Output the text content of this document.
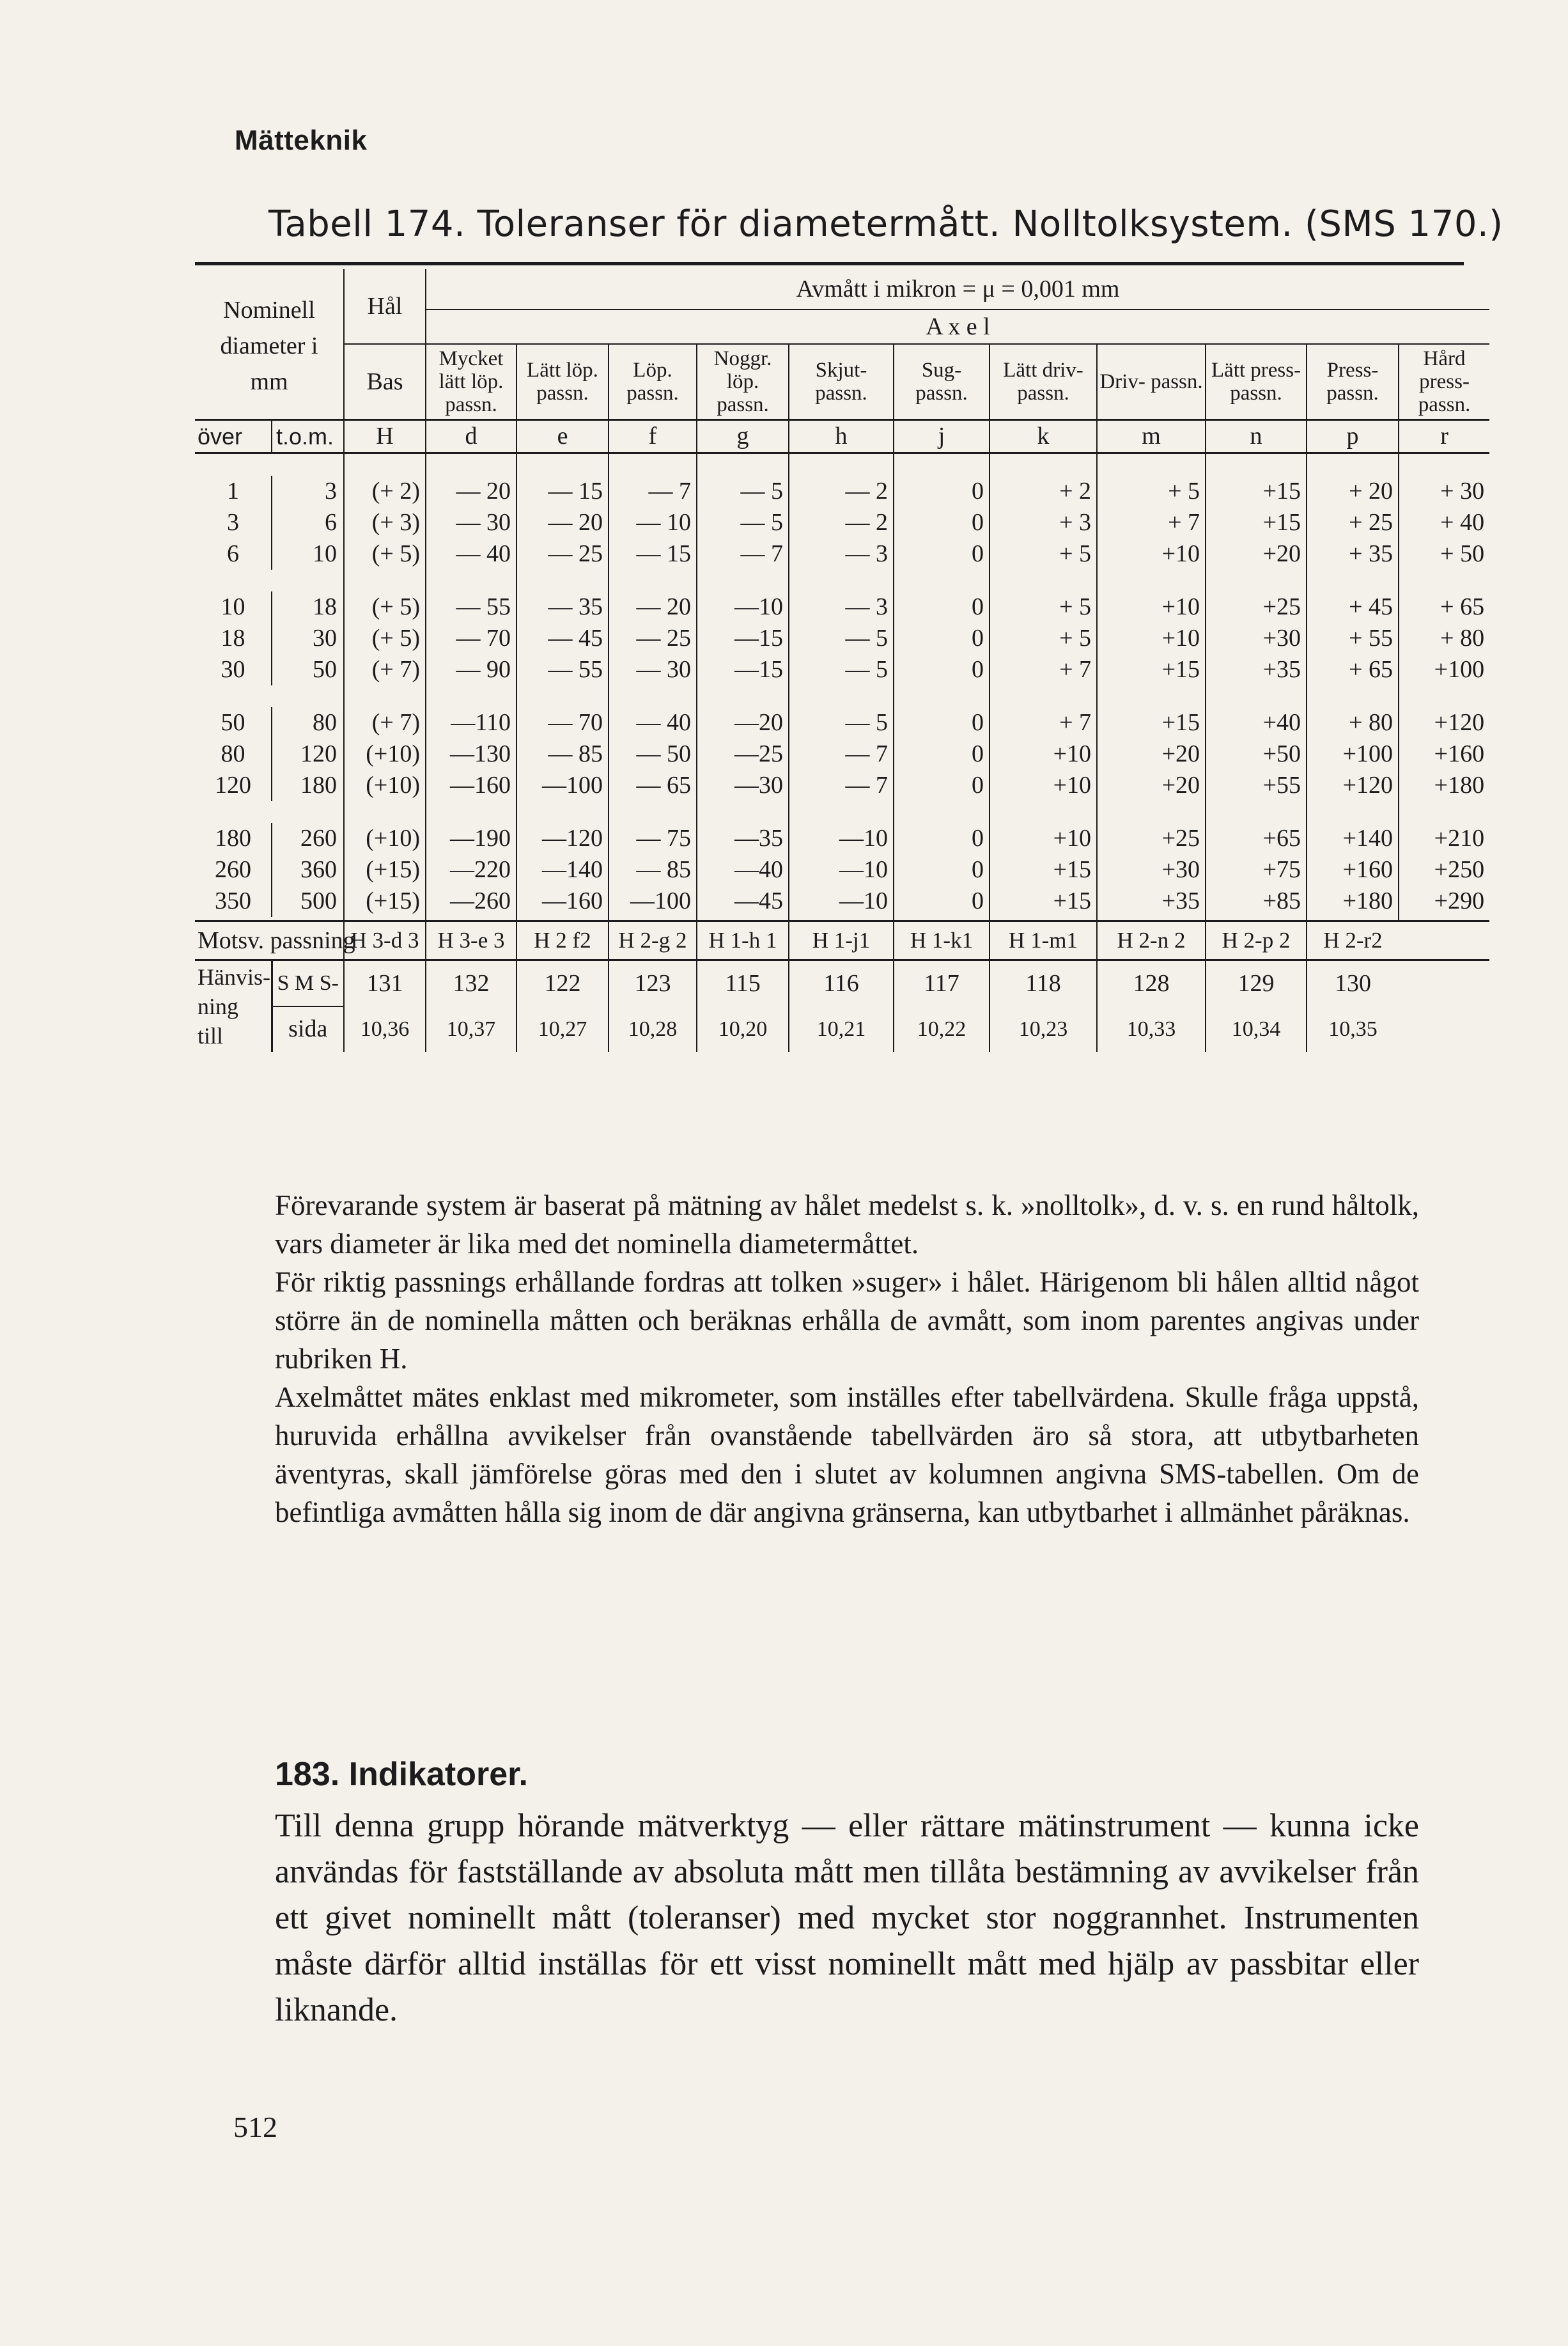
Mätteknik
Tabell 174. Toleranser för diametermått. Nolltolksystem. (SMS 170.)
Nominell diameter i mm		Hål	Avmått i mikron = μ = 0,001 mm										
			A x e l										
		Bas	Mycket lätt löp. passn.	Lätt löp. passn.	Löp. passn.	Noggr. löp. passn.	Skjut- passn.	Sug- passn.	Lätt driv- passn.	Driv- passn.	Lätt press- passn.	Press- passn.	Hård press- passn.
över	t.o.m.	H	d	e	f	g	h	j	k	m	n	p	r

1	3	(+ 2)	— 20	— 15	— 7	— 5	— 2	0	+ 2	+ 5	+15	+ 20	+ 30
3	6	(+ 3)	— 30	— 20	— 10	— 5	— 2	0	+ 3	+ 7	+15	+ 25	+ 40
6	10	(+ 5)	— 40	— 25	— 15	— 7	— 3	0	+ 5	+10	+20	+ 35	+ 50

10	18	(+ 5)	— 55	— 35	— 20	—10	— 3	0	+ 5	+10	+25	+ 45	+ 65
18	30	(+ 5)	— 70	— 45	— 25	—15	— 5	0	+ 5	+10	+30	+ 55	+ 80
30	50	(+ 7)	— 90	— 55	— 30	—15	— 5	0	+ 7	+15	+35	+ 65	+100

50	80	(+ 7)	—110	— 70	— 40	—20	— 5	0	+ 7	+15	+40	+ 80	+120
80	120	(+10)	—130	— 85	— 50	—25	— 7	0	+10	+20	+50	+100	+160
120	180	(+10)	—160	—100	— 65	—30	— 7	0	+10	+20	+55	+120	+180

180	260	(+10)	—190	—120	— 75	—35	—10	0	+10	+25	+65	+140	+210
260	360	(+15)	—220	—140	— 85	—40	—10	0	+15	+30	+75	+160	+250
350	500	(+15)	—260	—160	—100	—45	—10	0	+15	+35	+85	+180	+290

Motsv. passning		H 3-d 3	H 3-e 3	H 2 f2	H 2-g 2	H 1-h 1	H 1-j1	H 1-k1	H 1-m1	H 2-n 2	H 2-p 2	H 2-r2	
Hänvis-ning till	S M S-	131	132	122	123	115	116	117	118	128	129	130	
	sida	10,36	10,37	10,27	10,28	10,20	10,21	10,22	10,23	10,33	10,34	10,35	

Förevarande system är baserat på mätning av hålet medelst s. k. »nolltolk», d. v. s. en rund håltolk, vars diameter är lika med det nominella diametermåttet.

För riktig passnings erhållande fordras att tolken »suger» i hålet. Härigenom bli hålen alltid något större än de nominella måtten och beräknas erhålla de avmått, som inom parentes angivas under rubriken H.

Axelmåttet mätes enklast med mikrometer, som inställes efter tabellvärdena. Skulle fråga uppstå, huruvida erhållna avvikelser från ovanstående tabellvärden äro så stora, att utbytbarheten äventyras, skall jämförelse göras med den i slutet av kolumnen angivna SMS-tabellen. Om de befintliga avmåtten hålla sig inom de där angivna gränserna, kan utbytbarhet i allmänhet påräknas.

183. Indikatorer.
Till denna grupp hörande mätverktyg — eller rättare mätinstrument — kunna icke användas för fastställande av absoluta mått men tillåta bestämning av avvikelser från ett givet nominellt mått (toleranser) med mycket stor noggrannhet. Instrumenten måste därför alltid inställas för ett visst nominellt mått med hjälp av passbitar eller liknande.
512
